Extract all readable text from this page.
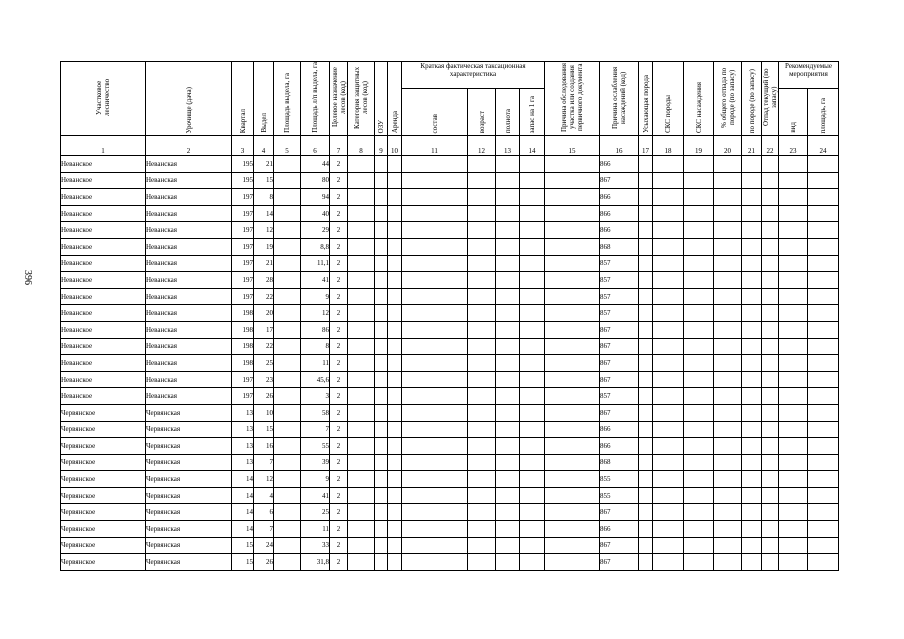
396
Участковое лесничество	Урочище (дача)	Квартал	Выдел	Площадь выдела, га	Площадь л/п выдела, га	Целевое назначение лесов (код)	Категория защитных лесов (код)	ОЗУ	Аренда	Краткая фактическая таксационная характеристика				Причина обследования участка или создания первичного документа	Причина ослабления насаждений (код)	Усыхающая порода	СКС породы	СКС насаждения	% общего отпада по породе (по запасу)	по породе (по запасу)	Отпад текущий (по запасу)	Рекомендуемые мероприятия	
										состав	возраст	полнота	запас на 1 га									вид	площадь, га
1	2	3	4	5	6	7	8	9	10	11	12	13	14	15	16	17	18	19	20	21	22	23	24
Неванское	Неванская	195	21		44	2									866								
Неванское	Неванская	195	15		80	2									867								
Неванское	Неванская	197	8		94	2									866								
Неванское	Неванская	197	14		40	2									866								
Неванское	Неванская	197	12		29	2									866								
Неванское	Неванская	197	19		8,8	2									868								
Неванское	Неванская	197	21		11,1	2									857								
Неванское	Неванская	197	28		41	2									857								
Неванское	Неванская	197	22		9	2									857								
Неванское	Неванская	198	20		12	2									857								
Неванское	Неванская	198	17		86	2									867								
Неванское	Неванская	198	22		8	2									867								
Неванское	Неванская	198	25		11	2									867								
Неванское	Неванская	197	23		45,6	2									867								
Неванское	Неванская	197	26		3	2									857								
Червянское	Червянская	13	10		58	2									867								
Червянское	Червянская	13	15		7	2									866								
Червянское	Червянская	13	16		55	2									866								
Червянское	Червянская	13	7		39	2									868								
Червянское	Червянская	14	12		9	2									855								
Червянское	Червянская	14	4		41	2									855								
Червянское	Червянская	14	6		25	2									867								
Червянское	Червянская	14	7		11	2									866								
Червянское	Червянская	15	24		33	2									867								
Червянское	Червянская	15	26		31,8	2									867								
